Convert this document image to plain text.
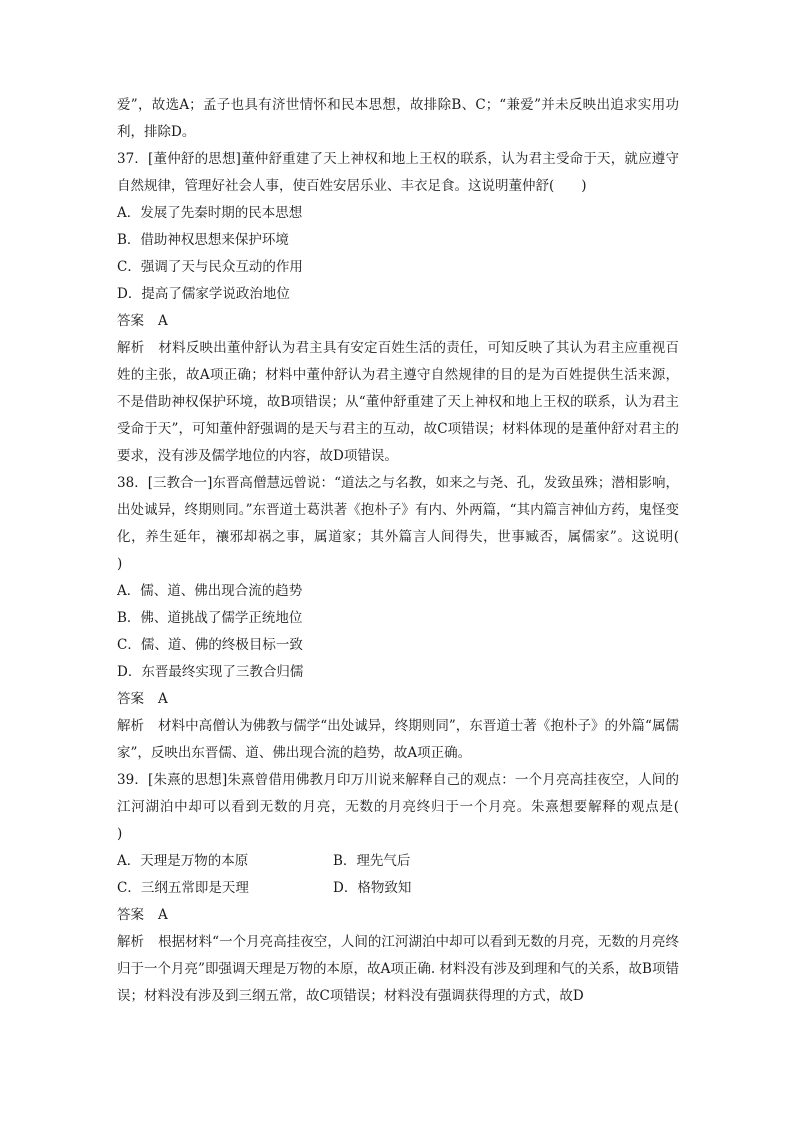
爱”，故选A；孟子也具有济世情怀和民本思想，故排除B、C；“兼爱”并未反映出追求实用功利，排除D。

37．[董仲舒的思想]董仲舒重建了天上神权和地上王权的联系，认为君主受命于天，就应遵守自然规律，管理好社会人事，使百姓安居乐业、丰衣足食。这说明董仲舒(　　)

A．发展了先秦时期的民本思想

B．借助神权思想来保护环境

C．强调了天与民众互动的作用

D．提高了儒家学说政治地位

答案 A

解析 材料反映出董仲舒认为君主具有安定百姓生活的责任，可知反映了其认为君主应重视百姓的主张，故A项正确；材料中董仲舒认为君主遵守自然规律的目的是为百姓提供生活来源，不是借助神权保护环境，故B项错误；从“董仲舒重建了天上神权和地上王权的联系，认为君主受命于天”，可知董仲舒强调的是天与君主的互动，故C项错误；材料体现的是董仲舒对君主的要求，没有涉及儒学地位的内容，故D项错误。

38．[三教合一]东晋高僧慧远曾说：“道法之与名教，如来之与尧、孔，发致虽殊；潜相影响，出处诚异，终期则同。”东晋道士葛洪著《抱朴子》有内、外两篇，“其内篇言神仙方药，鬼怪变化，养生延年，禳邪却祸之事，属道家；其外篇言人间得失，世事臧否，属儒家”。这说明(　　)

A．儒、道、佛出现合流的趋势

B．佛、道挑战了儒学正统地位

C．儒、道、佛的终极目标一致

D．东晋最终实现了三教合归儒

答案 A

解析 材料中高僧认为佛教与儒学“出处诚异，终期则同”，东晋道士著《抱朴子》的外篇“属儒家”，反映出东晋儒、道、佛出现合流的趋势，故A项正确。

39．[朱熹的思想]朱熹曾借用佛教月印万川说来解释自己的观点：一个月亮高挂夜空，人间的江河湖泊中却可以看到无数的月亮，无数的月亮终归于一个月亮。朱熹想要解释的观点是(　　)

A．天理是万物的本原	B．理先气后
C．三纲五常即是天理	D．格物致知

答案 A

解析 根据材料“一个月亮高挂夜空，人间的江河湖泊中却可以看到无数的月亮，无数的月亮终归于一个月亮”即强调天理是万物的本原，故A项正确. 材料没有涉及到理和气的关系，故B项错误；材料没有涉及到三纲五常，故C项错误；材料没有强调获得理的方式，故D
